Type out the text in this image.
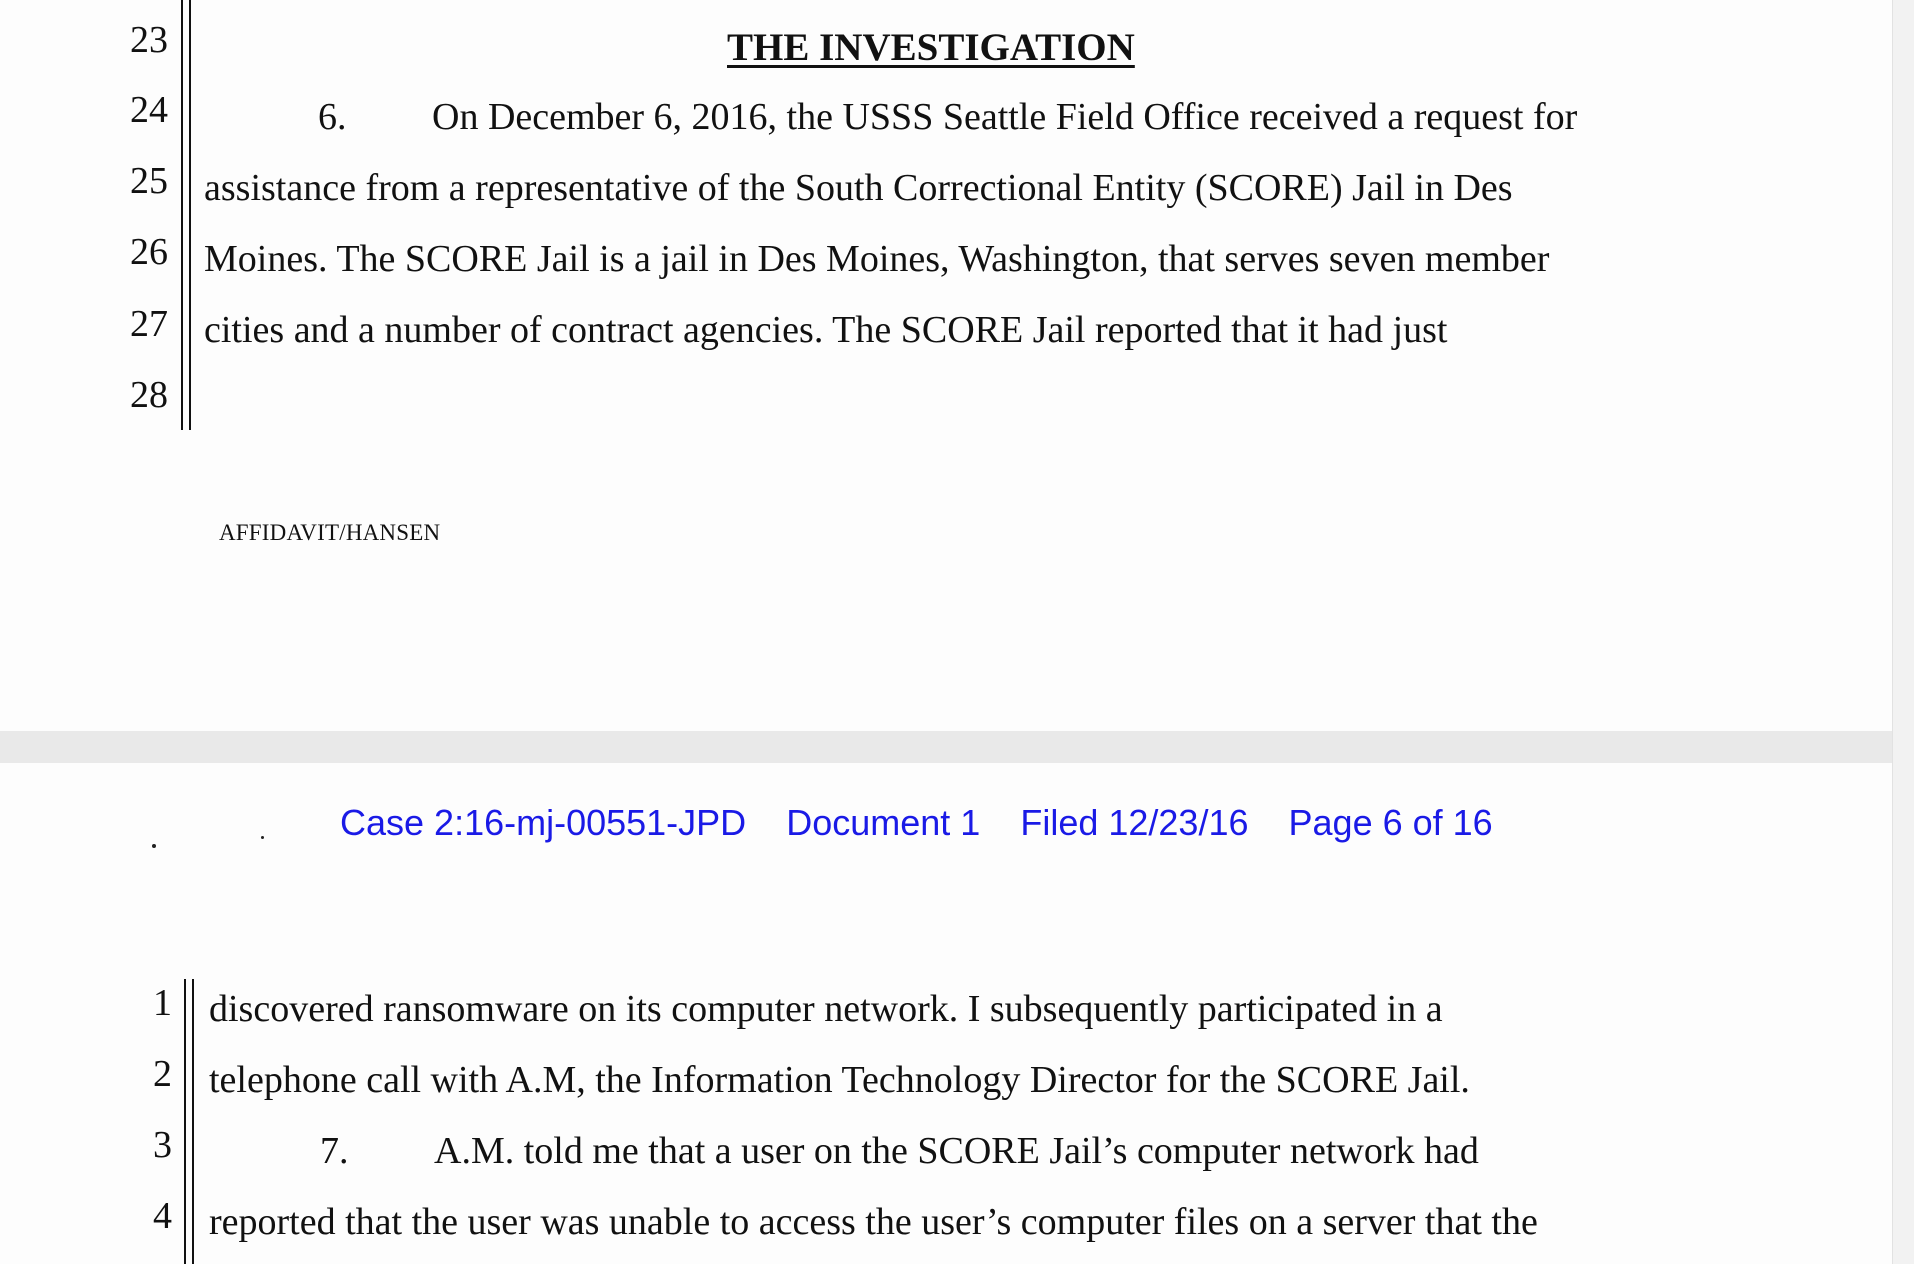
23
24
25
26
27
28
THE INVESTIGATION
6. On December 6, 2016, the USSS Seattle Field Office received a request for
assistance from a representative of the South Correctional Entity (SCORE) Jail in Des
Moines. The SCORE Jail is a jail in Des Moines, Washington, that serves seven member
cities and a number of contract agencies. The SCORE Jail reported that it had just
AFFIDAVIT/HANSEN
1
2
3
4
discovered ransomware on its computer network. I subsequently participated in a
telephone call with A.M, the Information Technology Director for the SCORE Jail.
7. A.M. told me that a user on the SCORE Jail’s computer network had
reported that the user was unable to access the user’s computer files on a server that the
Case 2:16-mj-00551-JPD Document 1 Filed 12/23/16 Page 6 of 16
